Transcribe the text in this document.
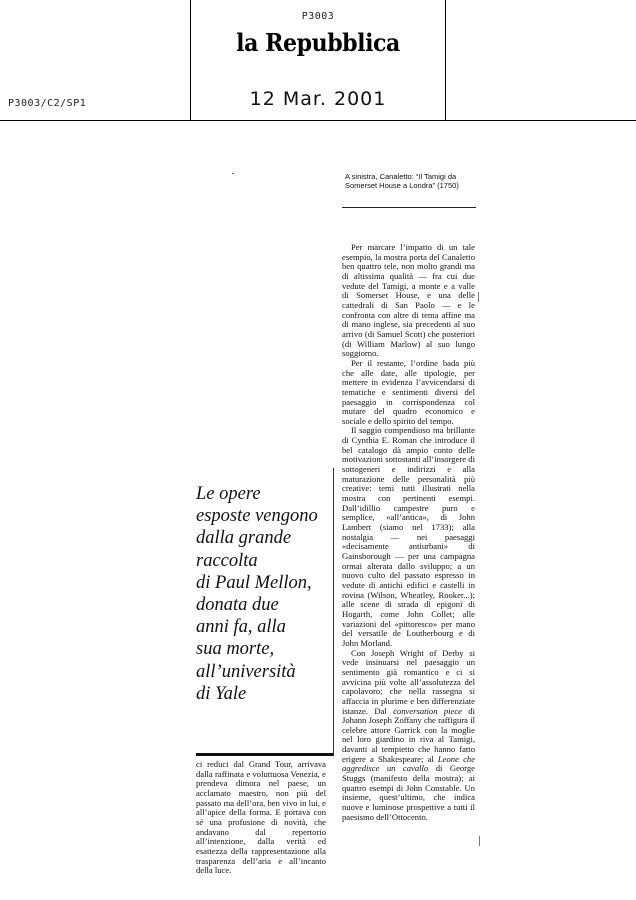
P3003
la Repubblica
12 Mar. 2001
P3003/C2/SP1
A sinistra, Canaletto: “Il Tamigi da Somerset House a Londra” (1750)
Le opere
esposte vengono
dalla grande
raccolta
di Paul Mellon,
donata due
anni fa, alla
sua morte,
all’università
di Yale

ci reduci dal Grand Tour, arrivava dalla raffinata e voluttuosa Venezia, e prendeva dimora nel paese, un acclamato maestro, non più del passato ma dell’ora, ben vivo in lui, e all’apice della forma. E portava con sé una profusione di novità, che andavano dal repertorio all’intenzione, dalla verità ed esattezza della rappresentazione alla trasparenza dell’aria e all’incanto della luce.

Per marcare l’impatto di un tale esempio, la mostra porta del Canaletto ben quattro tele, non molto grandi ma di altissima qualità — fra cui due vedute del Tamigi, a monte e a valle di Somerset House, e una delle cattedrali di San Paolo — e le confronta con altre di tema affine ma di mano inglese, sia precedenti al suo arrivo (di Samuel Scott) che posteriori (di William Marlow) al suo lungo soggiorno.

Per il restante, l’ordine bada più che alle date, alle tipologie, per mettere in evidenza l’avvicendarsi di tematiche e sentimenti diversi del paesaggio in corrispondenza col mutare del quadro economico e sociale e dello spirito del tempo.

Il saggio compendioso ma brillante di Cynthia E. Roman che introduce il bel catalogo dà ampio conto delle motivazioni sottostanti all’insorgere di sottogeneri e indirizzi e alla maturazione delle personalità più creative: temi tutti illustrati nella mostra con pertinenti esempi. Dall’idillio campestre puro e semplice, «all’antica», di John Lambert (siamo nel 1733); alla nostalgia — nei paesaggi «decisamente antiurbani» di Gainsborough — per una campagna ormai alterata dallo sviluppo; a un nuovo culto del passato espresso in vedute di antichi edifici e castelli in rovina (Wilson, Wheatley, Rooker...); alle scene di strada di epigoni di Hogarth, come John Collet; alle variazioni del «pittoresco» per mano del versatile de Loutherbourg e di John Morland.

Con Joseph Wright of Derby si vede insinuarsi nel paesaggio un sentimento già romantico e ci si avvicina più volte all’assolutezza del capolavoro; che nella rassegna si affaccia in plurime e ben differenziate istanze. Dal conversation piece di Johann Joseph Zoffany che raffigura il celebre attore Garrick con la moglie nel loro giardino in riva al Tamigi, davanti al tempietto che hanno fatto erigere a Shakespeare; al Leone che aggredisce un cavallo di George Stuggs (manifesto della mostra); ai quattro esempi di John Constable. Un insieme, quest’ultimo, che indica nuove e luminose prospettive a tutti il paesismo dell’Ottocento.
